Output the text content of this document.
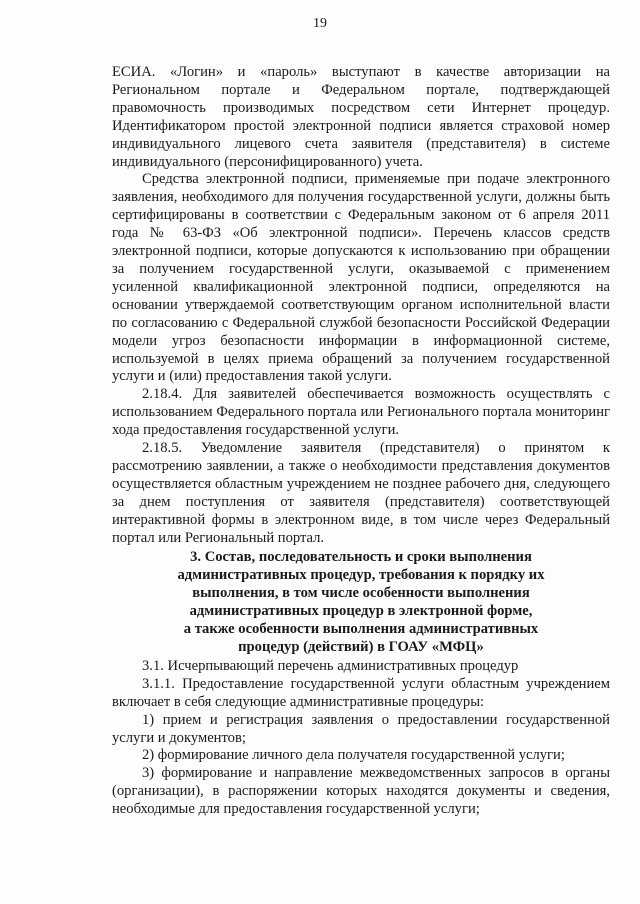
19

ЕСИА. «Логин» и «пароль» выступают в качестве авторизации на Региональном портале и Федеральном портале, подтверждающей правомочность производимых посредством сети Интернет процедур. Идентификатором простой электронной подписи является страховой номер индивидуального лицевого счета заявителя (представителя) в системе индивидуального (персонифицированного) учета.

Средства электронной подписи, применяемые при подаче электронного заявления, необходимого для получения государственной услуги, должны быть сертифицированы в соответствии с Федеральным законом от 6 апреля 2011 года № 63-ФЗ «Об электронной подписи». Перечень классов средств электронной подписи, которые допускаются к использованию при обращении за получением государственной услуги, оказываемой с применением усиленной квалификационной электронной подписи, определяются на основании утверждаемой соответствующим органом исполнительной власти по согласованию с Федеральной службой безопасности Российской Федерации модели угроз безопасности информации в информационной системе, используемой в целях приема обращений за получением государственной услуги и (или) предоставления такой услуги.

2.18.4. Для заявителей обеспечивается возможность осуществлять с использованием Федерального портала или Регионального портала мониторинг хода предоставления государственной услуги.

2.18.5. Уведомление заявителя (представителя) о принятом к рассмотрению заявлении, а также о необходимости представления документов осуществляется областным учреждением не позднее рабочего дня, следующего за днем поступления от заявителя (представителя) соответствующей интерактивной формы в электронном виде, в том числе через Федеральный портал или Региональный портал.

3. Состав, последовательность и сроки выполнения
административных процедур, требования к порядку их
выполнения, в том числе особенности выполнения
административных процедур в электронной форме,
а также особенности выполнения административных
процедур (действий) в ГОАУ «МФЦ»

3.1. Исчерпывающий перечень административных процедур

3.1.1. Предоставление государственной услуги областным учреждением включает в себя следующие административные процедуры:

1) прием и регистрация заявления о предоставлении государственной услуги и документов;

2) формирование личного дела получателя государственной услуги;

3) формирование и направление межведомственных запросов в органы (организации), в распоряжении которых находятся документы и сведения, необходимые для предоставления государственной услуги;
